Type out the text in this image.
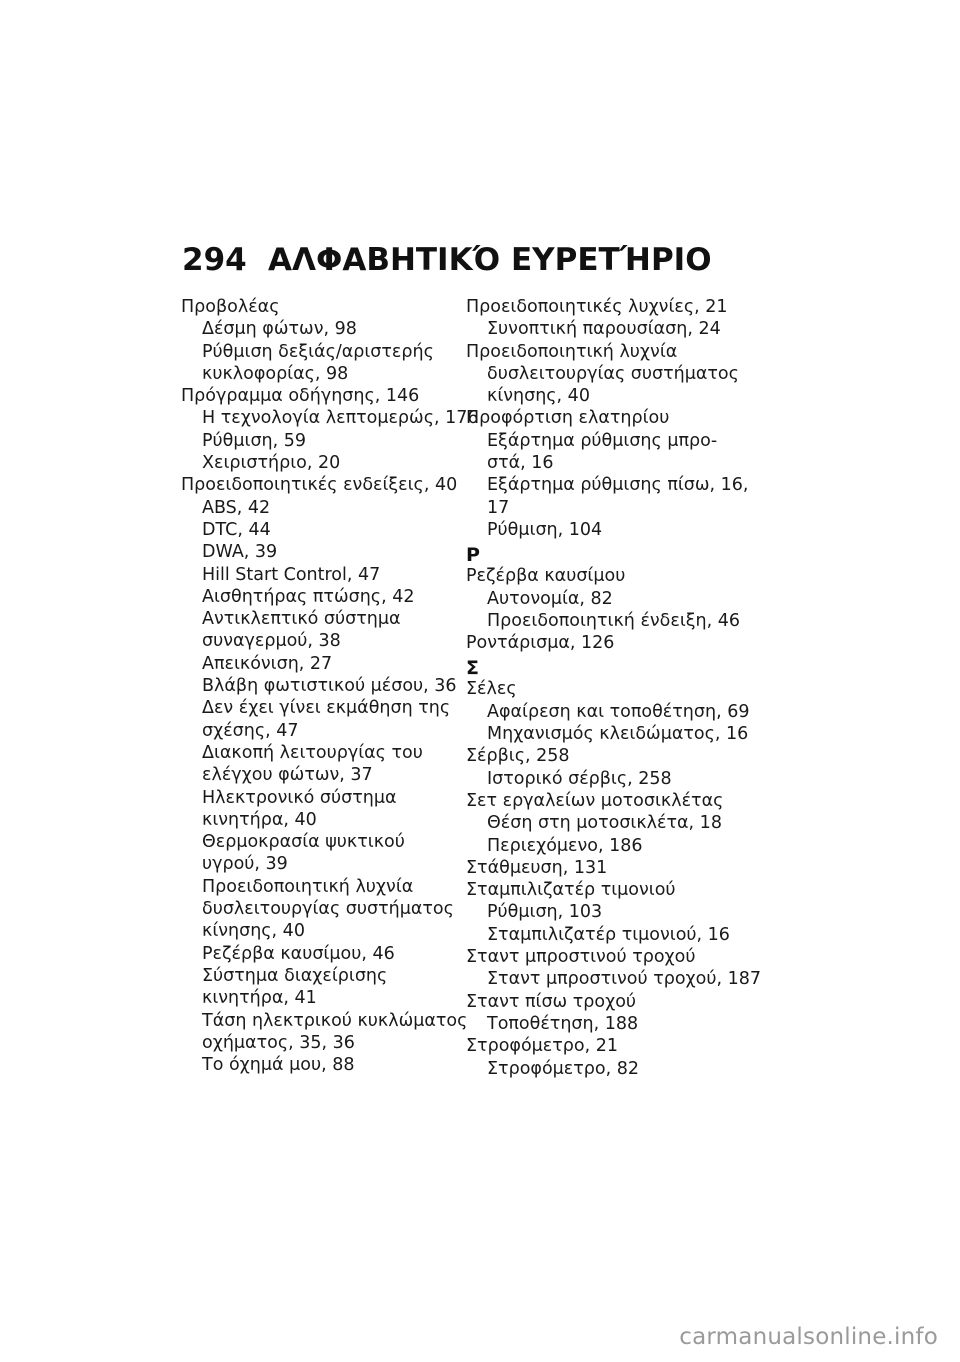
294 ΑΛΦΑΒΗΤΙΚΌ ΕΥΡΕΤΉΡΙΟ
Προβολέας
Δέσμη φώτων, 98
Ρύθμιση δεξιάς/αριστερής
κυκλοφορίας, 98
Πρόγραμμα οδήγησης, 146
Η τεχνολογία λεπτομερώς, 176
Ρύθμιση, 59
Χειριστήριο, 20
Προειδοποιητικές ενδείξεις, 40
ABS, 42
DTC, 44
DWA, 39
Hill Start Control, 47
Αισθητήρας πτώσης, 42
Αντικλεπτικό σύστημα
συναγερμού, 38
Απεικόνιση, 27
Βλάβη φωτιστικού μέσου, 36
Δεν έχει γίνει εκμάθηση της
σχέσης, 47
Διακοπή λειτουργίας του
ελέγχου φώτων, 37
Ηλεκτρονικό σύστημα
κινητήρα, 40
Θερμοκρασία ψυκτικού
υγρού, 39
Προειδοποιητική λυχνία
δυσλειτουργίας συστήματος
κίνησης, 40
Ρεζέρβα καυσίμου, 46
Σύστημα διαχείρισης
κινητήρα, 41
Τάση ηλεκτρικού κυκλώματος
οχήματος, 35, 36
Το όχημά μου, 88
Προειδοποιητικές λυχνίες, 21
Συνοπτική παρουσίαση, 24
Προειδοποιητική λυχνία
δυσλειτουργίας συστήματος
κίνησης, 40
Προφόρτιση ελατηρίου
Εξάρτημα ρύθμισης μπρο-
στά, 16
Εξάρτημα ρύθμισης πίσω, 16,
17
Ρύθμιση, 104
Ρ
Ρεζέρβα καυσίμου
Αυτονομία, 82
Προειδοποιητική ένδειξη, 46
Ροντάρισμα, 126
Σ
Σέλες
Αφαίρεση και τοποθέτηση, 69
Μηχανισμός κλειδώματος, 16
Σέρβις, 258
Ιστορικό σέρβις, 258
Σετ εργαλείων μοτοσικλέτας
Θέση στη μοτοσικλέτα, 18
Περιεχόμενο, 186
Στάθμευση, 131
Σταμπιλιζατέρ τιμονιού
Ρύθμιση, 103
Σταμπιλιζατέρ τιμονιού, 16
Σταντ μπροστινού τροχού
Σταντ μπροστινού τροχού, 187
Σταντ πίσω τροχού
Τοποθέτηση, 188
Στροφόμετρο, 21
Στροφόμετρο, 82
carmanualsonline.info
